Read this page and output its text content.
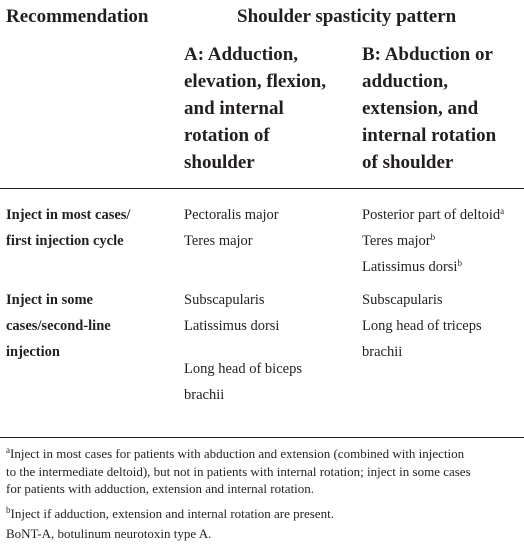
Recommendation	Shoulder spasticity pattern
A: Adduction,
elevation, flexion,
and internal
rotation of
shoulder
B: Abduction or
adduction,
extension, and
internal rotation
of shoulder
Inject in most cases/
first injection cycle
Pectoralis major
Teres major
Posterior part of deltoid$^a$
Teres major$^b$
Latissimus dorsi$^b$
Inject in some
cases/second-line
injection
Subscapularis
Latissimus dorsi
Long head of biceps
brachii
Subscapularis
Long head of triceps
brachii
$^a$Inject in most cases for patients with abduction and extension (combined with injection
to the intermediate deltoid), but not in patients with internal rotation; inject in some cases
for patients with adduction, extension and internal rotation.
$^b$Inject if adduction, extension and internal rotation are present.
BoNT-A, botulinum neurotoxin type A.
